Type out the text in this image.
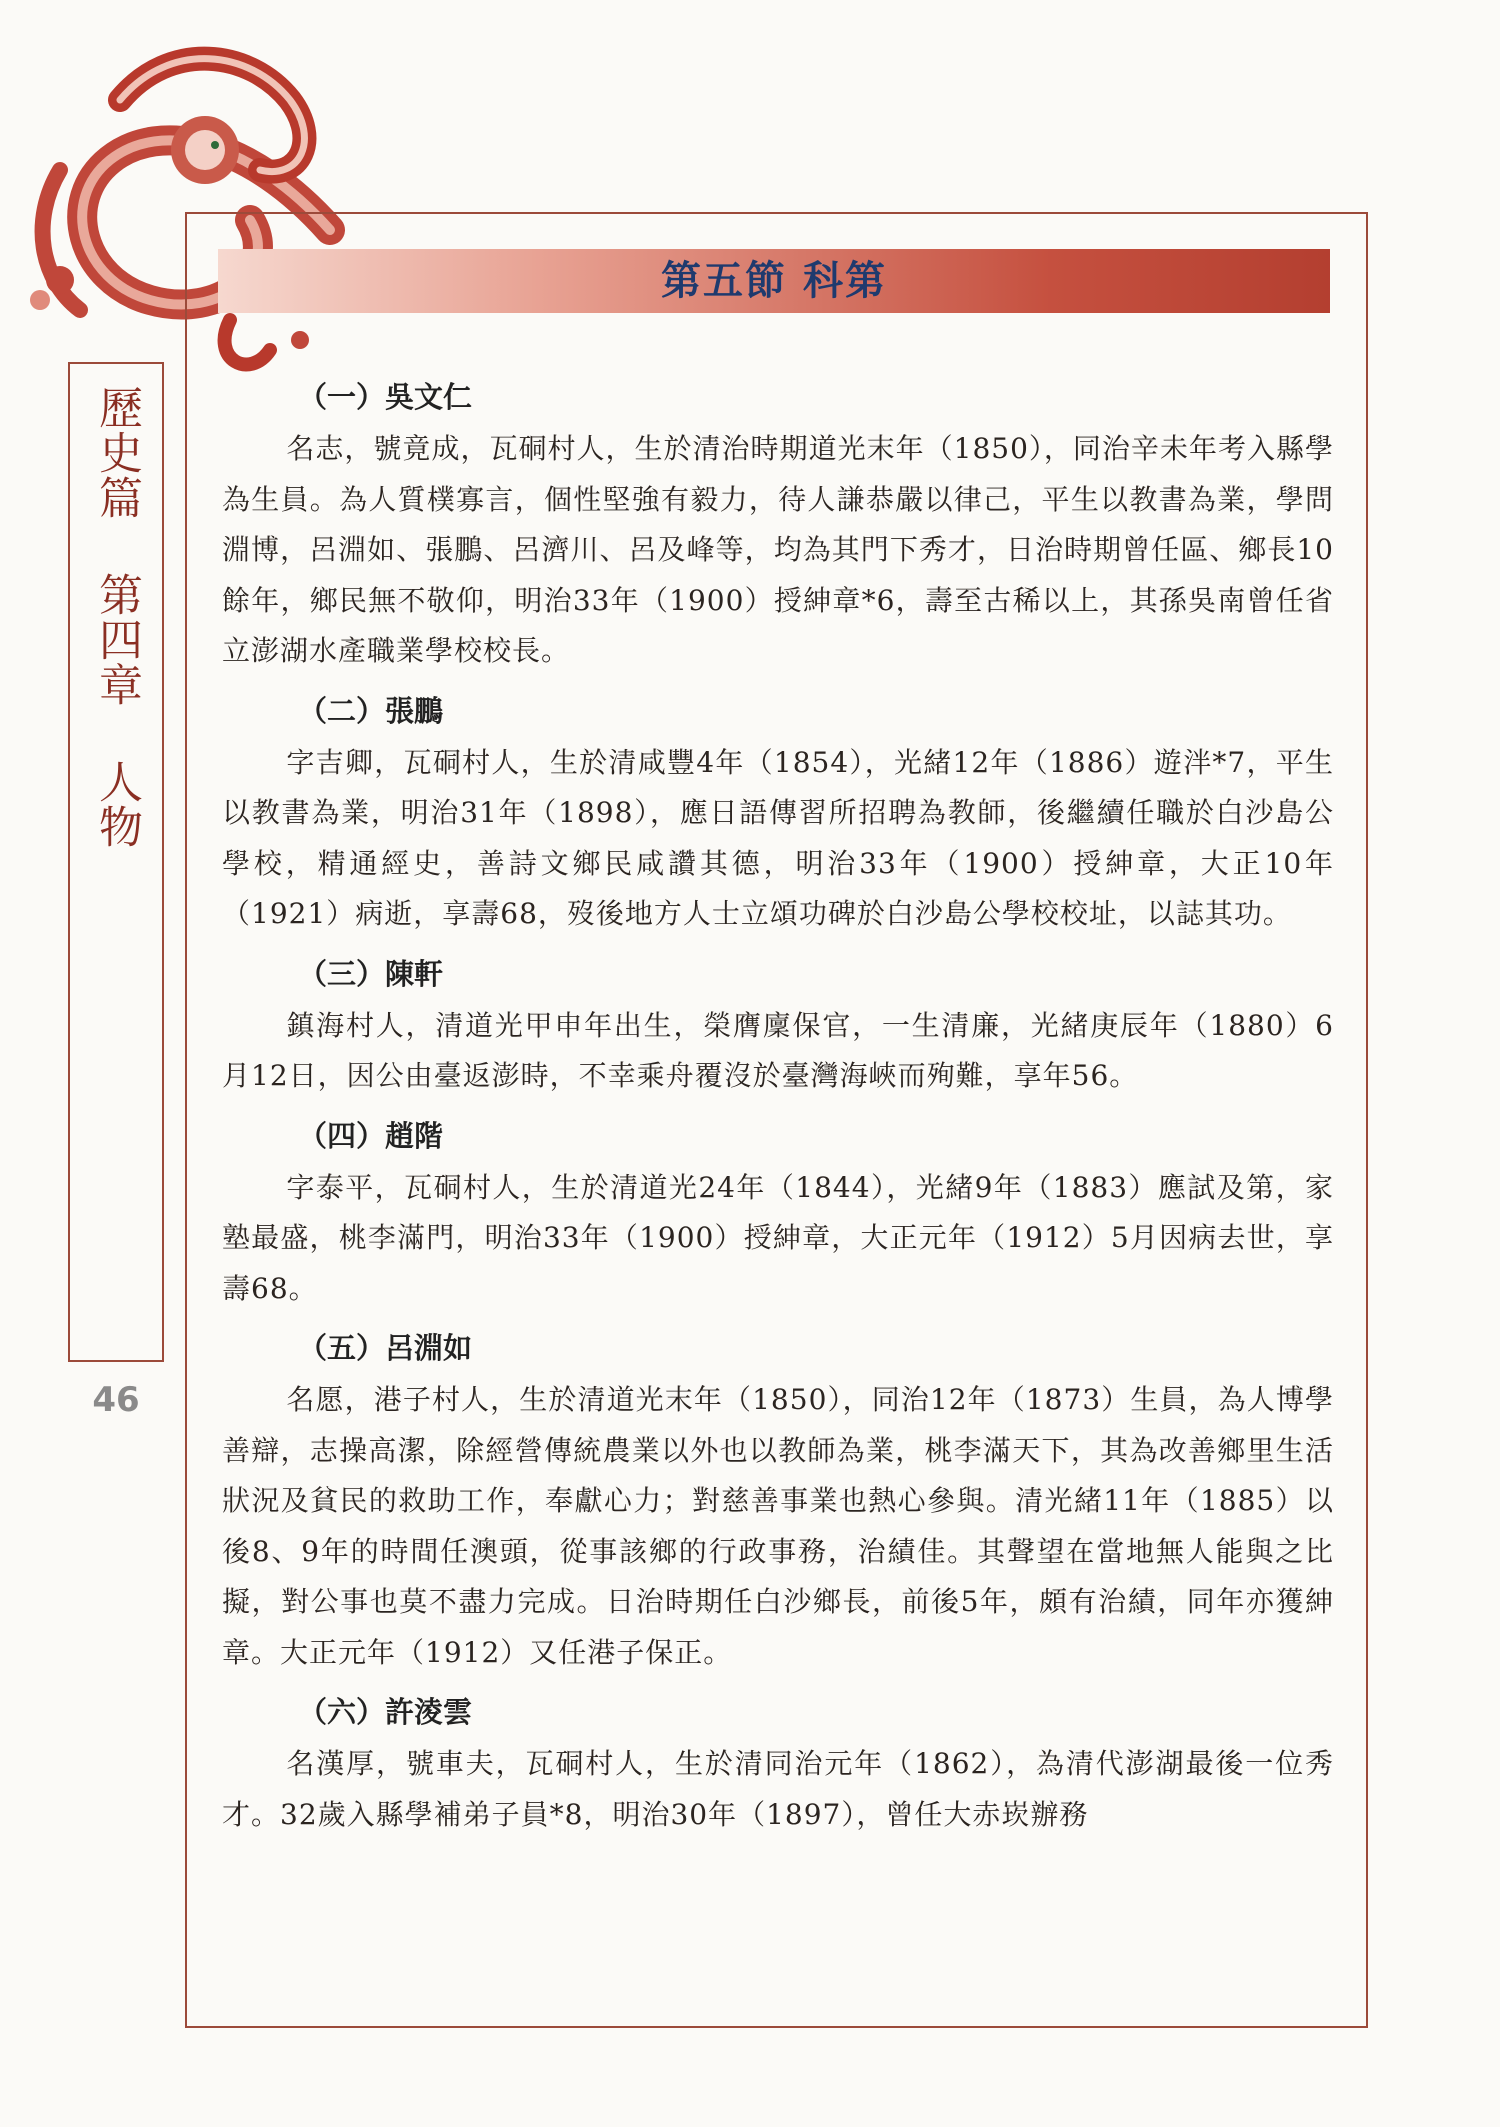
第五節 科第
歷史篇 第四章 人物
46
（一）吳文仁

名志，號竟成，瓦硐村人，生於清治時期道光末年（1850），同治辛未年考入縣學為生員。為人質樸寡言，個性堅強有毅力，待人謙恭嚴以律己，平生以教書為業，學問淵博，呂淵如、張鵬、呂濟川、呂及峰等，均為其門下秀才，日治時期曾任區、鄉長10餘年，鄉民無不敬仰，明治33年（1900）授紳章*6，壽至古稀以上，其孫吳南曾任省立澎湖水產職業學校校長。

（二）張鵬

字吉卿，瓦硐村人，生於清咸豐4年（1854），光緒12年（1886）遊泮*7，平生以教書為業，明治31年（1898），應日語傳習所招聘為教師，後繼續任職於白沙島公學校，精通經史，善詩文鄉民咸讚其德，明治33年（1900）授紳章，大正10年（1921）病逝，享壽68，歿後地方人士立頌功碑於白沙島公學校校址，以誌其功。

（三）陳軒

鎮海村人，清道光甲申年出生，榮膺廩保官，一生清廉，光緒庚辰年（1880）6月12日，因公由臺返澎時，不幸乘舟覆沒於臺灣海峽而殉難，享年56。

（四）趙階

字泰平，瓦硐村人，生於清道光24年（1844），光緒9年（1883）應試及第，家塾最盛，桃李滿門，明治33年（1900）授紳章，大正元年（1912）5月因病去世，享壽68。

（五）呂淵如

名愿，港子村人，生於清道光末年（1850），同治12年（1873）生員，為人博學善辯，志操高潔，除經營傳統農業以外也以教師為業，桃李滿天下，其為改善鄉里生活狀況及貧民的救助工作，奉獻心力；對慈善事業也熱心參與。清光緒11年（1885）以後8、9年的時間任澳頭，從事該鄉的行政事務，治績佳。其聲望在當地無人能與之比擬，對公事也莫不盡力完成。日治時期任白沙鄉長，前後5年，頗有治績，同年亦獲紳章。大正元年（1912）又任港子保正。

（六）許淩雲

名漢厚，號車夫，瓦硐村人，生於清同治元年（1862），為清代澎湖最後一位秀才。32歲入縣學補弟子員*8，明治30年（1897），曾任大赤崁辦務
